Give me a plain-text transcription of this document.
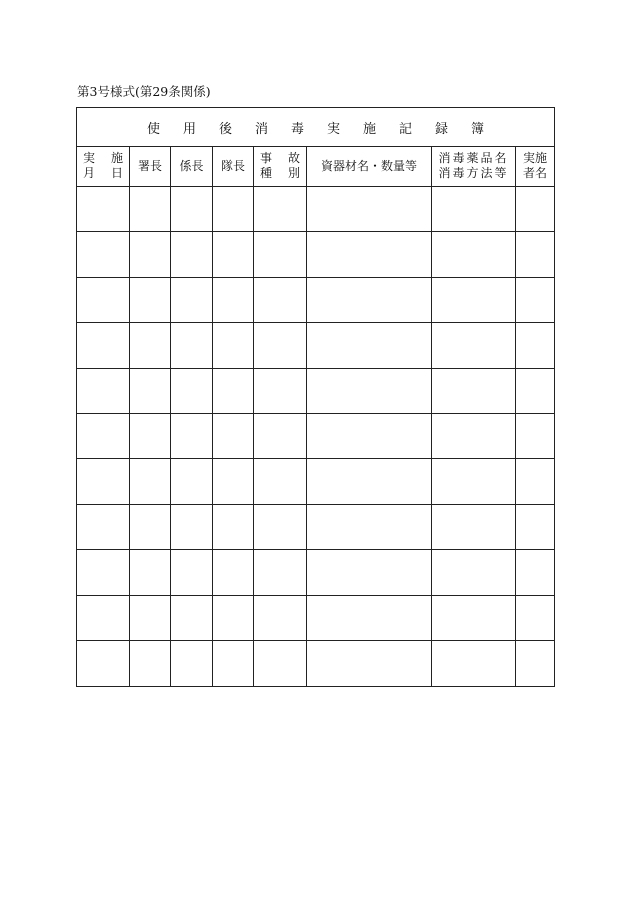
第3号様式(第29条関係)
使用後消毒実施記録簿
実 施
月 日
署長 係長 隊長
事 故
種 別
資器材名・数量等
消毒薬品名
消毒方法等
実施
者名
